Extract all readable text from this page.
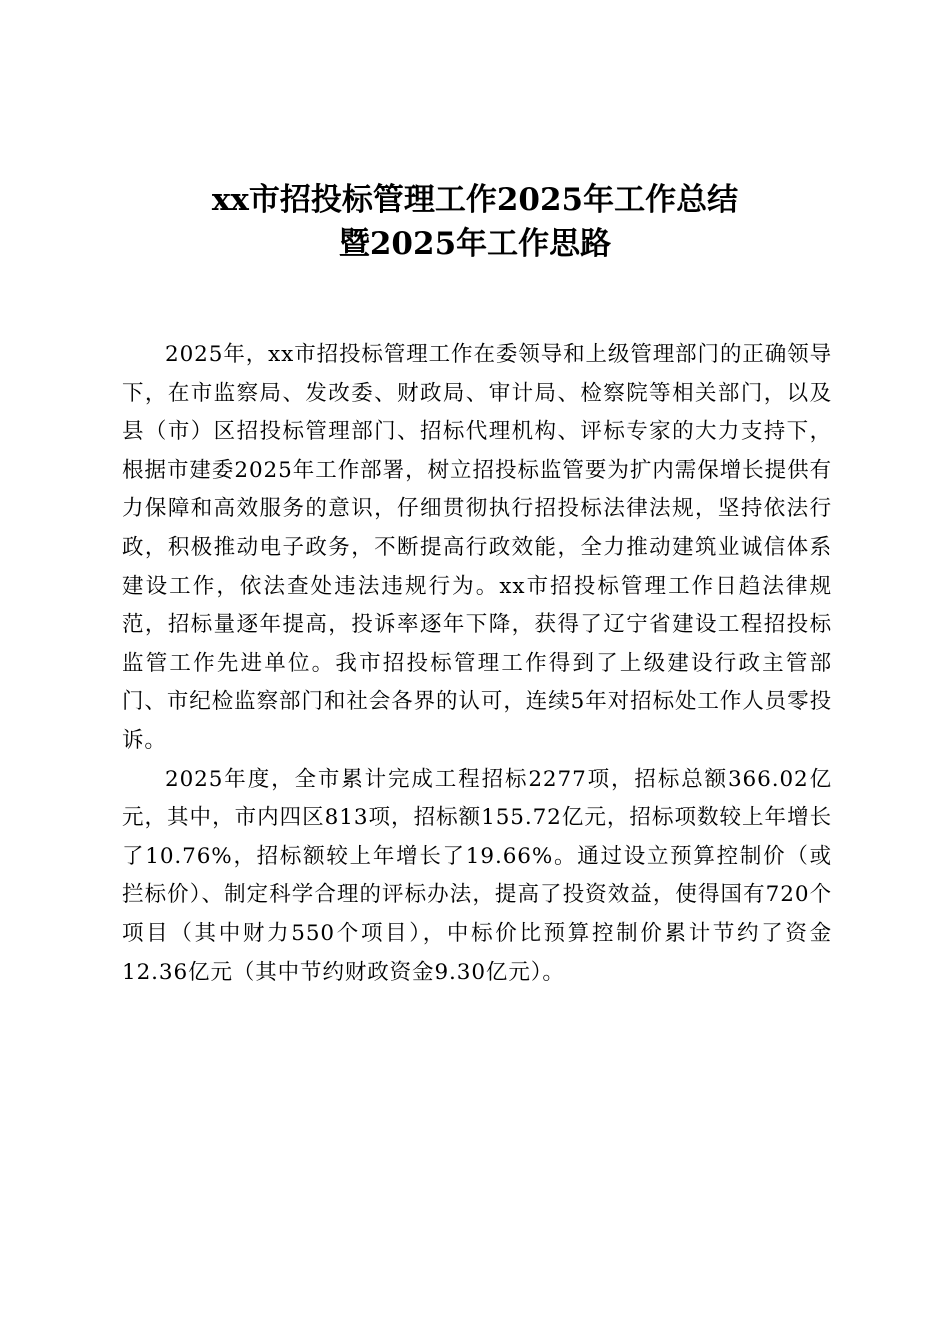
xx市招投标管理工作2025年工作总结
暨2025年工作思路

2025年，xx市招投标管理工作在委领导和上级管理部门的正确领导下，在市监察局、发改委、财政局、审计局、检察院等相关部门，以及县（市）区招投标管理部门、招标代理机构、评标专家的大力支持下，根据市建委2025年工作部署，树立招投标监管要为扩内需保增长提供有力保障和高效服务的意识，仔细贯彻执行招投标法律法规，坚持依法行政，积极推动电子政务，不断提高行政效能，全力推动建筑业诚信体系建设工作，依法查处违法违规行为。xx市招投标管理工作日趋法律规范，招标量逐年提高，投诉率逐年下降，获得了辽宁省建设工程招投标监管工作先进单位。我市招投标管理工作得到了上级建设行政主管部门、市纪检监察部门和社会各界的认可，连续5年对招标处工作人员零投诉。

2025年度，全市累计完成工程招标2277项，招标总额366.02亿元，其中，市内四区813项，招标额155.72亿元，招标项数较上年增长了10.76%，招标额较上年增长了19.66%。通过设立预算控制价（或拦标价）、制定科学合理的评标办法，提高了投资效益，使得国有720个项目（其中财力550个项目），中标价比预算控制价累计节约了资金12.36亿元（其中节约财政资金9.30亿元）。
